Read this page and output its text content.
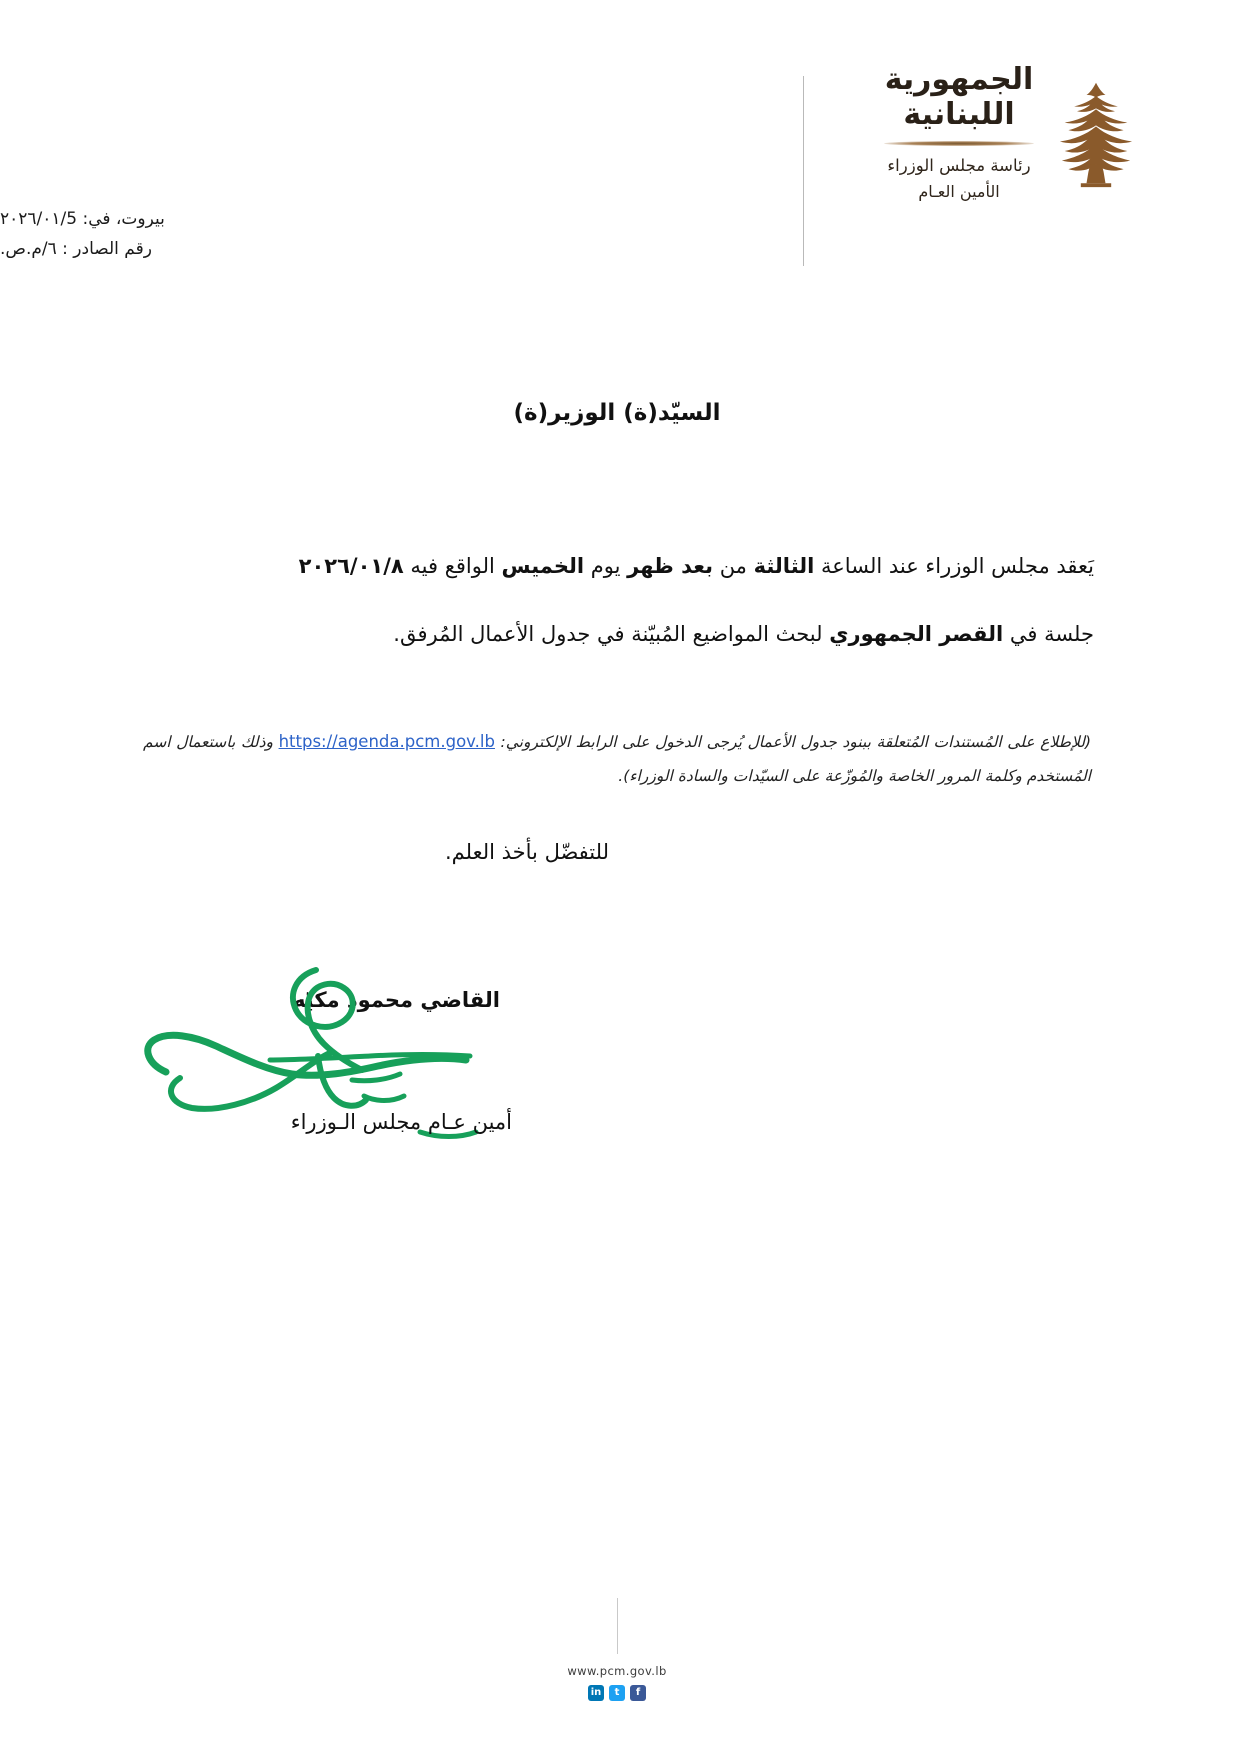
الجمهورية
اللبنانية
رئاسة مجلس الوزراء
الأمين العـام
بيروت، في: ٢٠٢٦/٠١/5
رقم الصادر : ٦/م.ص.
السيّد(ة) الوزير(ة)

يَعقد مجلس الوزراء عند الساعة الثالثة من بعد ظهر يوم الخميس الواقع فيه ٢٠٢٦/٠١/٨

جلسة في القصر الجمهوري لبحث المواضيع المُبيّنة في جدول الأعمال المُرفق.

(للإطلاع على المُستندات المُتعلقة ببنود جدول الأعمال يُرجى الدخول على الرابط الإلكتروني: https://agenda.pcm.gov.lb وذلك باستعمال اسم المُستخدم وكلمة المرور الخاصة والمُوزّعة على السيّدات والسادة الوزراء).
للتفضّل بأخذ العلم.
القاضي محمود مكيّه
أمين عـام مجلس الـوزراء
www.pcm.gov.lb
f
t
in
